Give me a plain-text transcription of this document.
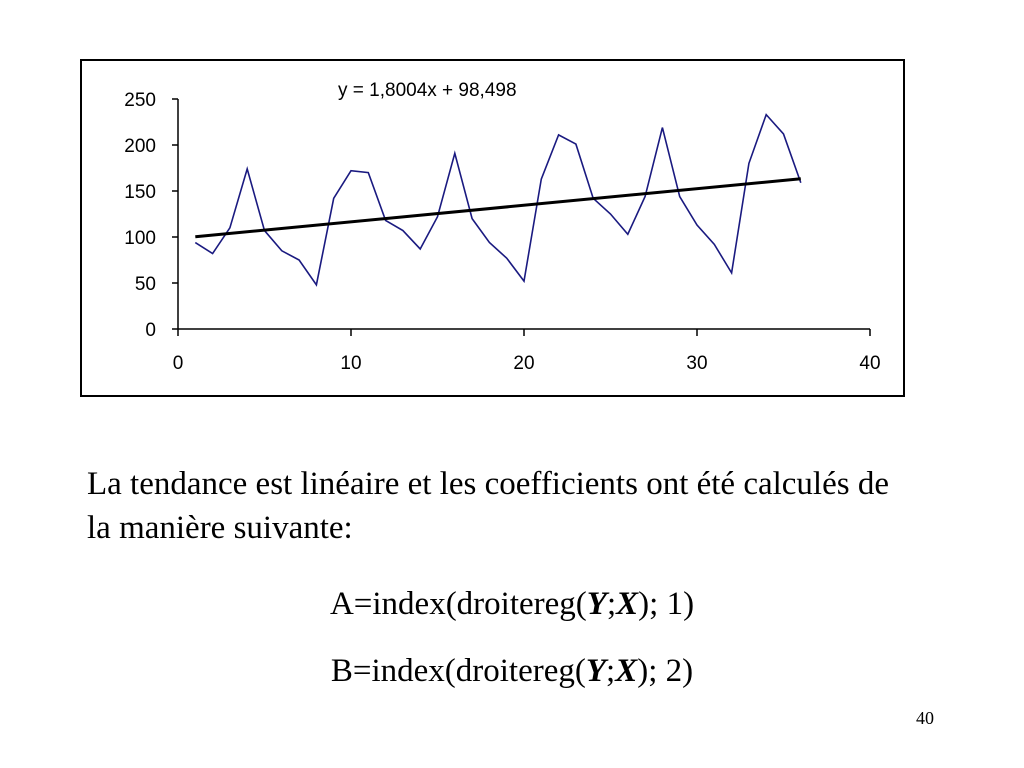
y = 1,8004x + 98,498
0
50
100
150
200
250
0	10	20	30	40
La tendance est linéaire et les coefficients ont été calculés de la manière suivante:
A=index(droitereg(Y;X); 1)
B=index(droitereg(Y;X); 2)
40
